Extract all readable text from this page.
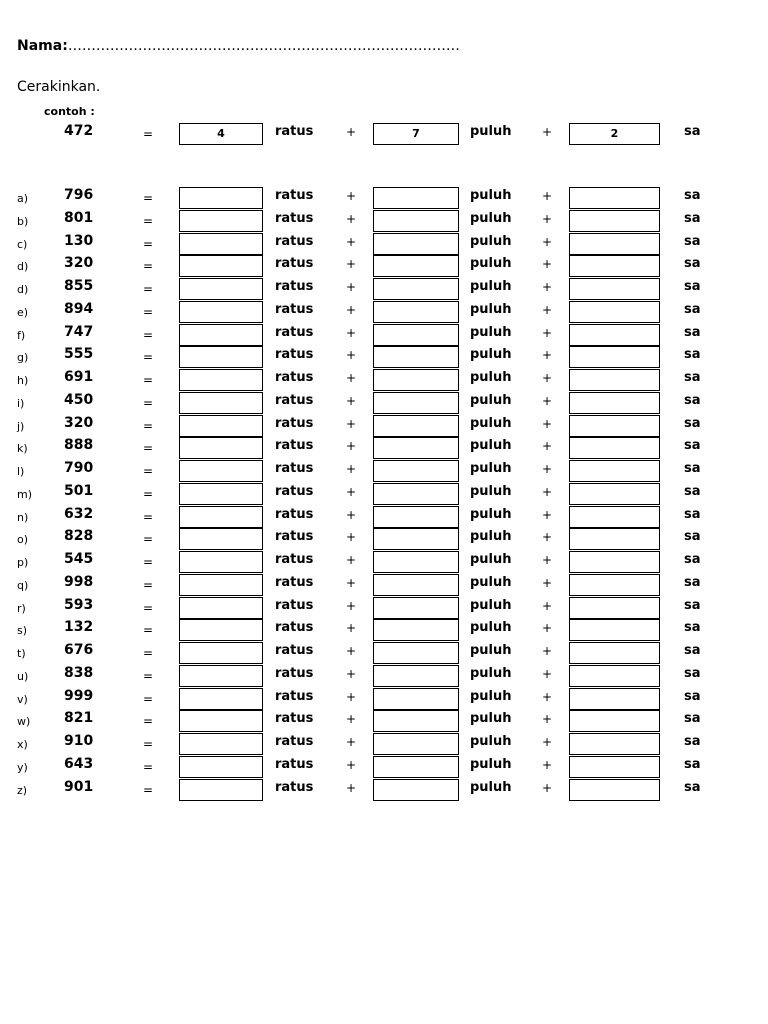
Nama:…………………………………………………………………………
Cerakinkan.
contoh :
472	=	4	ratus	+	7	puluh	+	2	sa
a)	796	=	ratus	+	puluh	+	sa
b)	801	=	ratus	+	puluh	+	sa
c)	130	=	ratus	+	puluh	+	sa
d)	320	=	ratus	+	puluh	+	sa
d)	855	=	ratus	+	puluh	+	sa
e)	894	=	ratus	+	puluh	+	sa
f)	747	=	ratus	+	puluh	+	sa
g)	555	=	ratus	+	puluh	+	sa
h)	691	=	ratus	+	puluh	+	sa
i)	450	=	ratus	+	puluh	+	sa
j)	320	=	ratus	+	puluh	+	sa
k)	888	=	ratus	+	puluh	+	sa
l)	790	=	ratus	+	puluh	+	sa
m) 501	=	ratus	+	puluh	+	sa
n)	632	=	ratus	+	puluh	+	sa
o)	828	=	ratus	+	puluh	+	sa
p)	545	=	ratus	+	puluh	+	sa
q)	998	=	ratus	+	puluh	+	sa
r)	593	=	ratus	+	puluh	+	sa
s)	132	=	ratus	+	puluh	+	sa
t)	676	=	ratus	+	puluh	+	sa
u)	838	=	ratus	+	puluh	+	sa
v)	999	=	ratus	+	puluh	+	sa
w) 821	=	ratus	+	puluh	+	sa
x)	910	=	ratus	+	puluh	+	sa
y)	643	=	ratus	+	puluh	+	sa
z)	901	=	ratus	+	puluh	+	sa
